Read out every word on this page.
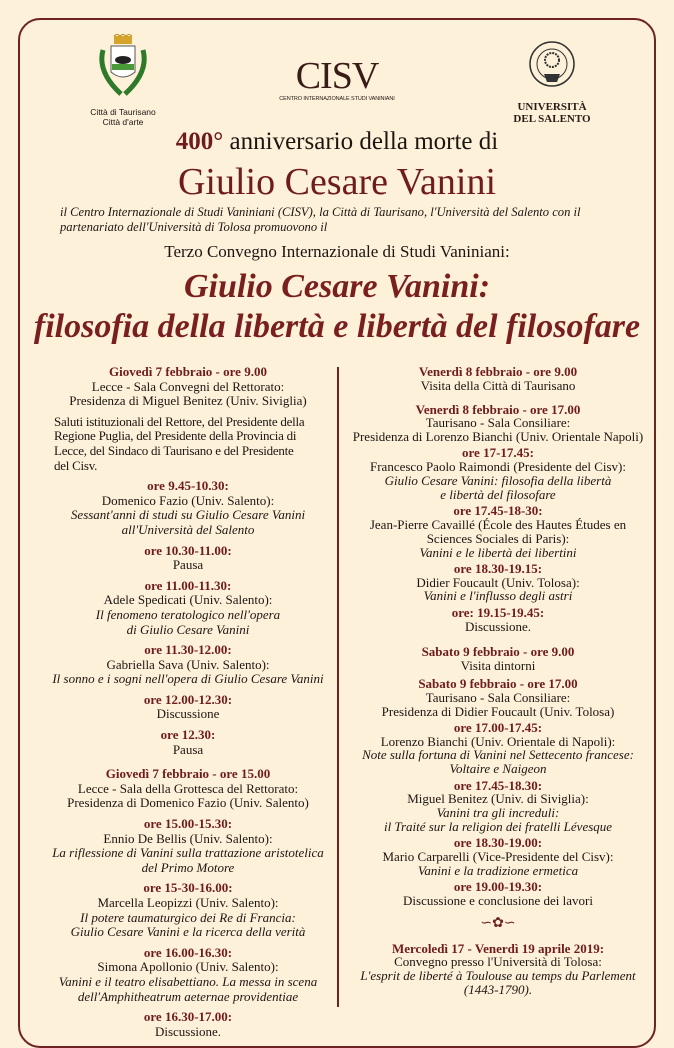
Città di Taurisano
Città d'arte
CISV
CENTRO INTERNAZIONALE STUDI VANINIANI
UNIVERSITÀ
DEL SALENTO
400° anniversario della morte di
Giulio Cesare Vanini
il Centro Internazionale di Studi Vaniniani (CISV), la Città di Taurisano, l'Università del Salento con il
partenariato dell'Università di Tolosa promuovono il
Terzo Convegno Internazionale di Studi Vaniniani:
Giulio Cesare Vanini:
filosofia della libertà e libertà del filosofare
Giovedì 7 febbraio - ore 9.00
Lecce - Sala Convegni del Rettorato:
Presidenza di Miguel Benitez (Univ. Siviglia)
Saluti istituzionali del Rettore, del Presidente della
Regione Puglia, del Presidente della Provincia di
Lecce, del Sindaco di Taurisano e del Presidente
del Cisv.
ore 9.45-10.30:
Domenico Fazio (Univ. Salento):
Sessant'anni di studi su Giulio Cesare Vanini
all'Università del Salento
ore 10.30-11.00:
Pausa
ore 11.00-11.30:
Adele Spedicati (Univ. Salento):
Il fenomeno teratologico nell'opera
di Giulio Cesare Vanini
ore 11.30-12.00:
Gabriella Sava (Univ. Salento):
Il sonno e i sogni nell'opera di Giulio Cesare Vanini
ore 12.00-12.30:
Discussione
ore 12.30:
Pausa
Giovedì 7 febbraio - ore 15.00
Lecce - Sala della Grottesca del Rettorato:
Presidenza di Domenico Fazio (Univ. Salento)
ore 15.00-15.30:
Ennio De Bellis (Univ. Salento):
La riflessione di Vanini sulla trattazione aristotelica
del Primo Motore
ore 15-30-16.00:
Marcella Leopizzi (Univ. Salento):
Il potere taumaturgico dei Re di Francia:
Giulio Cesare Vanini e la ricerca della verità
ore 16.00-16.30:
Simona Apollonio (Univ. Salento):
Vanini e il teatro elisabettiano. La messa in scena
dell'Amphitheatrum aeternae providentiae
ore 16.30-17.00:
Discussione.
Venerdì 8 febbraio - ore 9.00
Visita della Città di Taurisano
Venerdì 8 febbraio - ore 17.00
Taurisano - Sala Consiliare:
Presidenza di Lorenzo Bianchi (Univ. Orientale Napoli)
ore 17-17.45:
Francesco Paolo Raimondi (Presidente del Cisv):
Giulio Cesare Vanini: filosofia della libertà
e libertà del filosofare
ore 17.45-18-30:
Jean-Pierre Cavaillé (École des Hautes Études en
Sciences Sociales di Paris):
Vanini e le libertà dei libertini
ore 18.30-19.15:
Didier Foucault (Univ. Tolosa):
Vanini e l'influsso degli astri
ore: 19.15-19.45:
Discussione.
Sabato 9 febbraio - ore 9.00
Visita dintorni
Sabato 9 febbraio - ore 17.00
Taurisano - Sala Consiliare:
Presidenza di Didier Foucault (Univ. Tolosa)
ore 17.00-17.45:
Lorenzo Bianchi (Univ. Orientale di Napoli):
Note sulla fortuna di Vanini nel Settecento francese:
Voltaire e Naigeon
ore 17.45-18.30:
Miguel Benitez (Univ. di Siviglia):
Vanini tra gli increduli:
il Traité sur la religion dei fratelli Lévesque
ore 18.30-19.00:
Mario Carparelli (Vice-Presidente del Cisv):
Vanini e la tradizione ermetica
ore 19.00-19.30:
Discussione e conclusione dei lavori
∽✿∽
Mercoledì 17 - Venerdì 19 aprile 2019:
Convegno presso l'Università di Tolosa:
L'esprit de liberté à Toulouse au temps du Parlement
(1443-1790).
